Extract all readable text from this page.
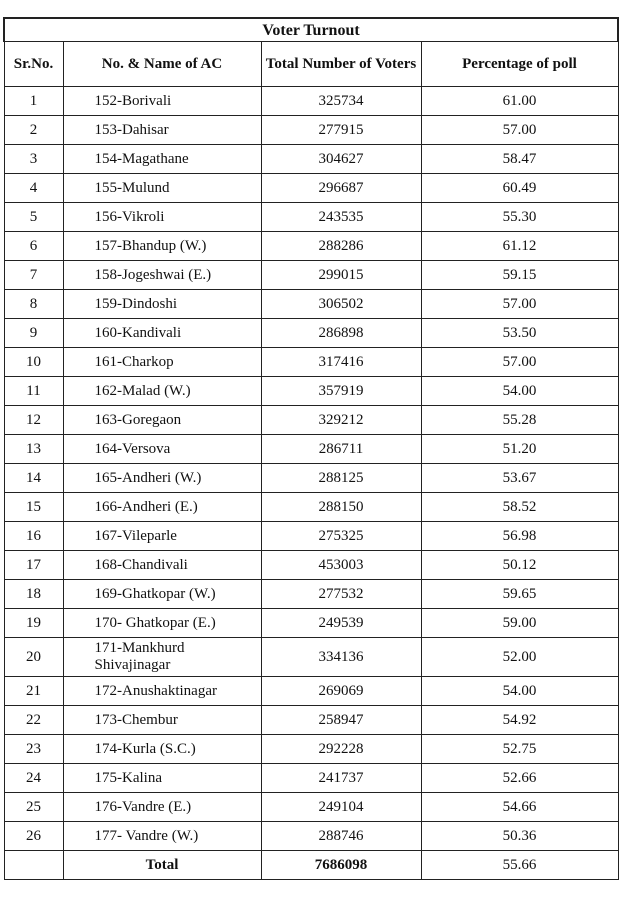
Voter Turnout			
Sr.No.	No. & Name of AC	Total Number of Voters	Percentage of poll
1	152-Borivali	325734	61.00
2	153-Dahisar	277915	57.00
3	154-Magathane	304627	58.47
4	155-Mulund	296687	60.49
5	156-Vikroli	243535	55.30
6	157-Bhandup (W.)	288286	61.12
7	158-Jogeshwai (E.)	299015	59.15
8	159-Dindoshi	306502	57.00
9	160-Kandivali	286898	53.50
10	161-Charkop	317416	57.00
11	162-Malad (W.)	357919	54.00
12	163-Goregaon	329212	55.28
13	164-Versova	286711	51.20
14	165-Andheri (W.)	288125	53.67
15	166-Andheri (E.)	288150	58.52
16	167-Vileparle	275325	56.98
17	168-Chandivali	453003	50.12
18	169-Ghatkopar (W.)	277532	59.65
19	170- Ghatkopar (E.)	249539	59.00
20	171-Mankhurd Shivajinagar	334136	52.00
21	172-Anushaktinagar	269069	54.00
22	173-Chembur	258947	54.92
23	174-Kurla (S.C.)	292228	52.75
24	175-Kalina	241737	52.66
25	176-Vandre (E.)	249104	54.66
26	177- Vandre (W.)	288746	50.36
	Total	7686098	55.66
